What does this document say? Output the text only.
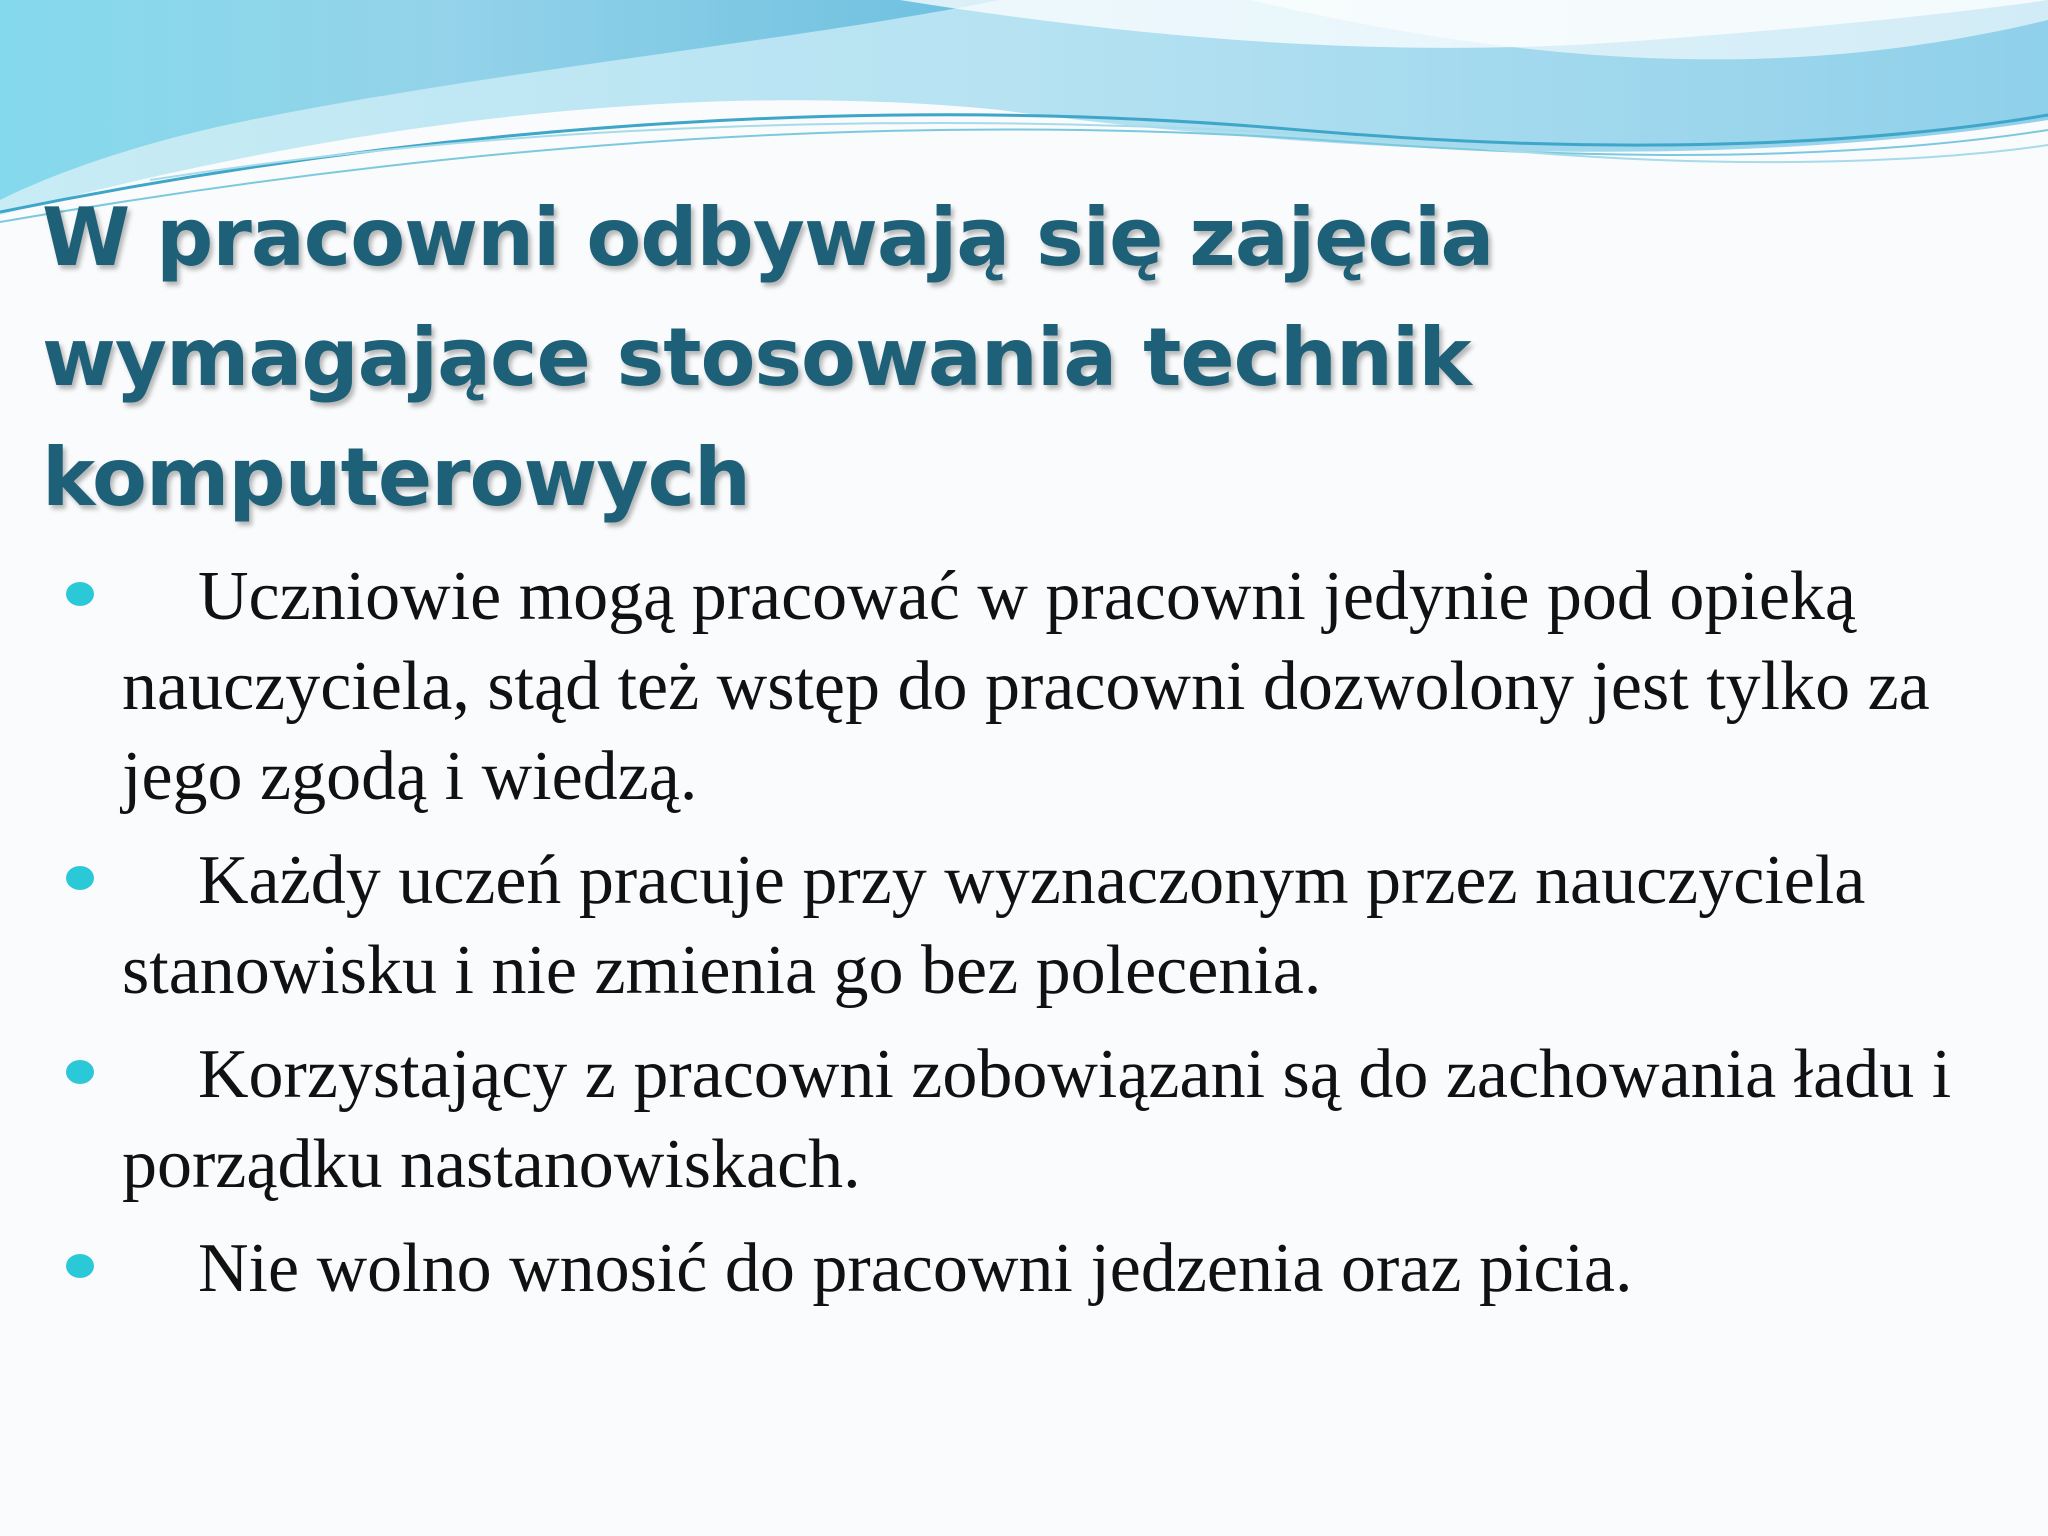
W pracowni odbywają się zajęcia wymagające stosowania technik komputerowych
Uczniowie mogą pracować w pracowni jedynie pod opieką nauczyciela, stąd też wstęp do pracowni dozwolony jest tylko za jego zgodą i wiedzą.
Każdy uczeń pracuje przy wyznaczonym przez nauczyciela stanowisku i nie zmienia go bez polecenia.
Korzystający z pracowni zobowiązani są do zachowania ładu i porządku nastanowiskach.
Nie wolno wnosić do pracowni jedzenia oraz picia.
